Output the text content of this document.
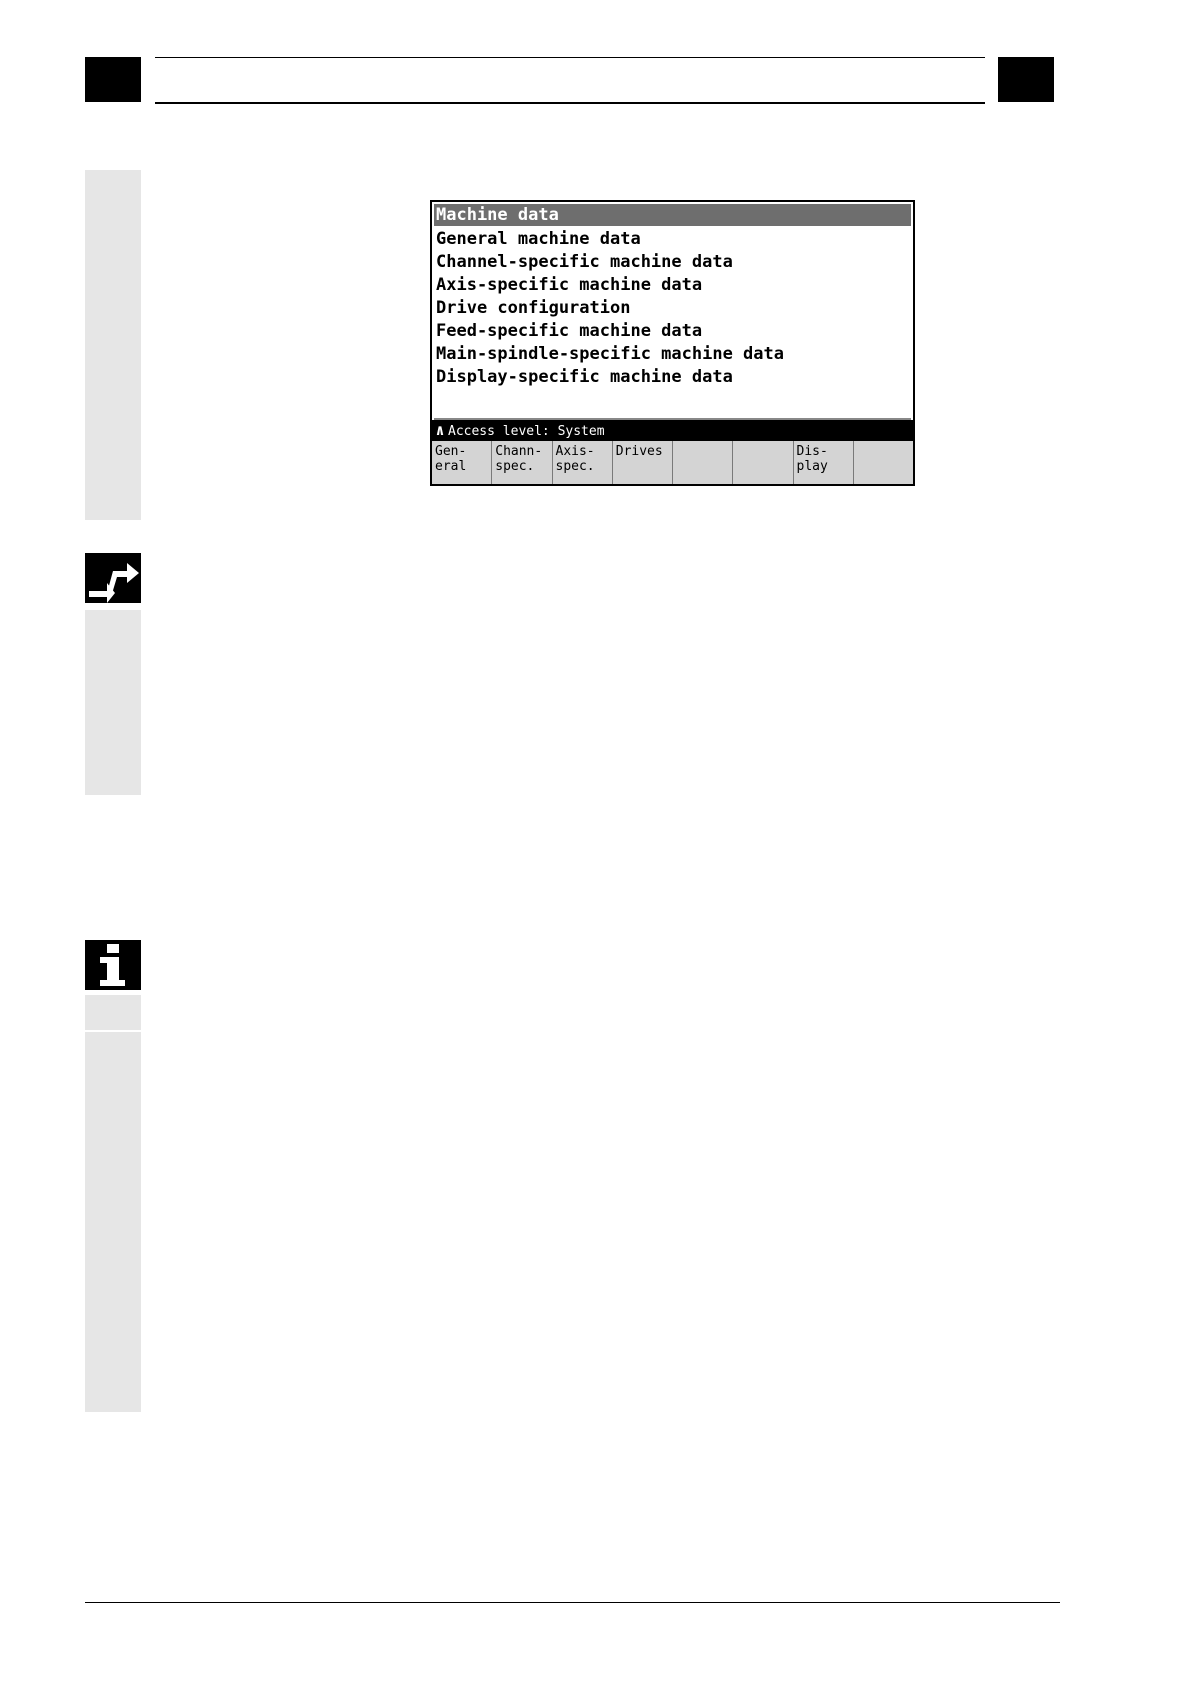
Machine data
General machine data
Channel-specific machine data
Axis-specific machine data
Drive configuration
Feed-specific machine data
Main-spindle-specific machine data
Display-specific machine data
∧ Access level: System
Gen-
eral
Chann-
spec.
Axis-
spec.
Drives	Dis-
play
